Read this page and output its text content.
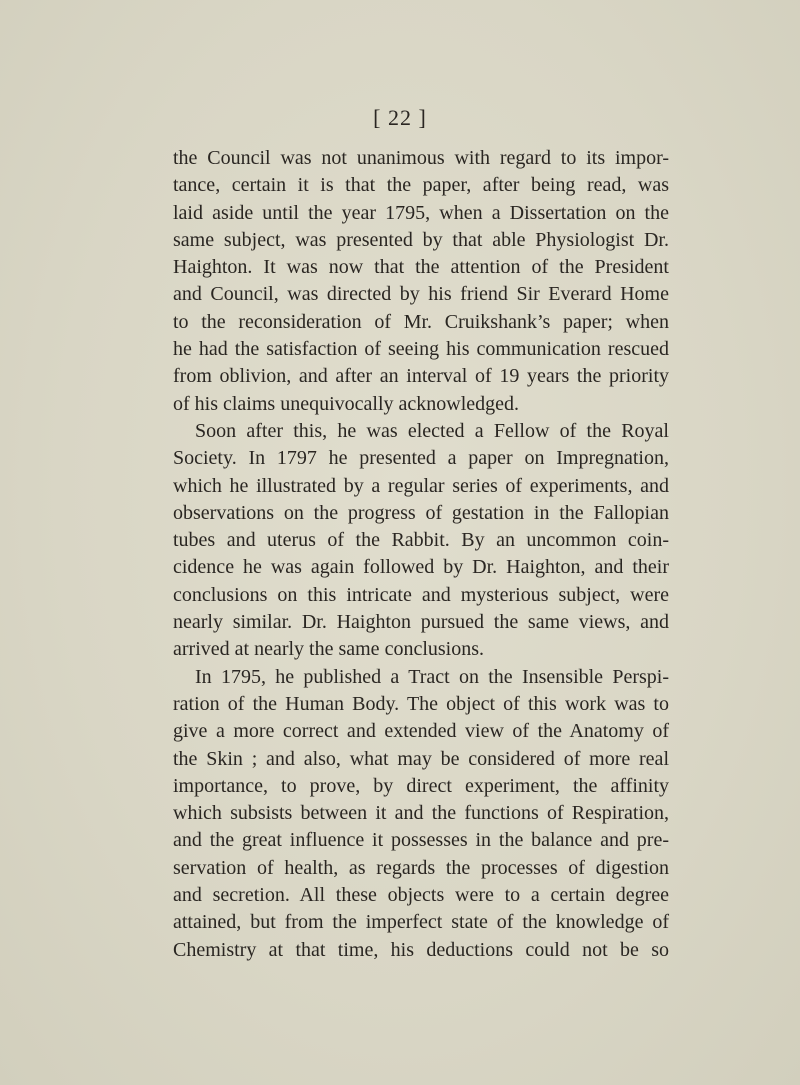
[ 22 ]

the Council was not unanimous with regard to its impor-
tance, certain it is that the paper, after being read, was
laid aside until the year 1795, when a Dissertation on the
same subject, was presented by that able Physiologist Dr.
Haighton. It was now that the attention of the President
and Council, was directed by his friend Sir Everard Home
to the reconsideration of Mr. Cruikshank’s paper; when
he had the satisfaction of seeing his communication rescued
from oblivion, and after an interval of 19 years the priority
of his claims unequivocally acknowledged.

Soon after this, he was elected a Fellow of the Royal
Society. In 1797 he presented a paper on Impregnation,
which he illustrated by a regular series of experiments, and
observations on the progress of gestation in the Fallopian
tubes and uterus of the Rabbit. By an uncommon coin-
cidence he was again followed by Dr. Haighton, and their
conclusions on this intricate and mysterious subject, were
nearly similar. Dr. Haighton pursued the same views, and
arrived at nearly the same conclusions.

In 1795, he published a Tract on the Insensible Perspi-
ration of the Human Body. The object of this work was to
give a more correct and extended view of the Anatomy of
the Skin ; and also, what may be considered of more real
importance, to prove, by direct experiment, the affinity
which subsists between it and the functions of Respiration,
and the great influence it possesses in the balance and pre-
servation of health, as regards the processes of digestion
and secretion. All these objects were to a certain degree
attained, but from the imperfect state of the knowledge of
Chemistry at that time, his deductions could not be so
